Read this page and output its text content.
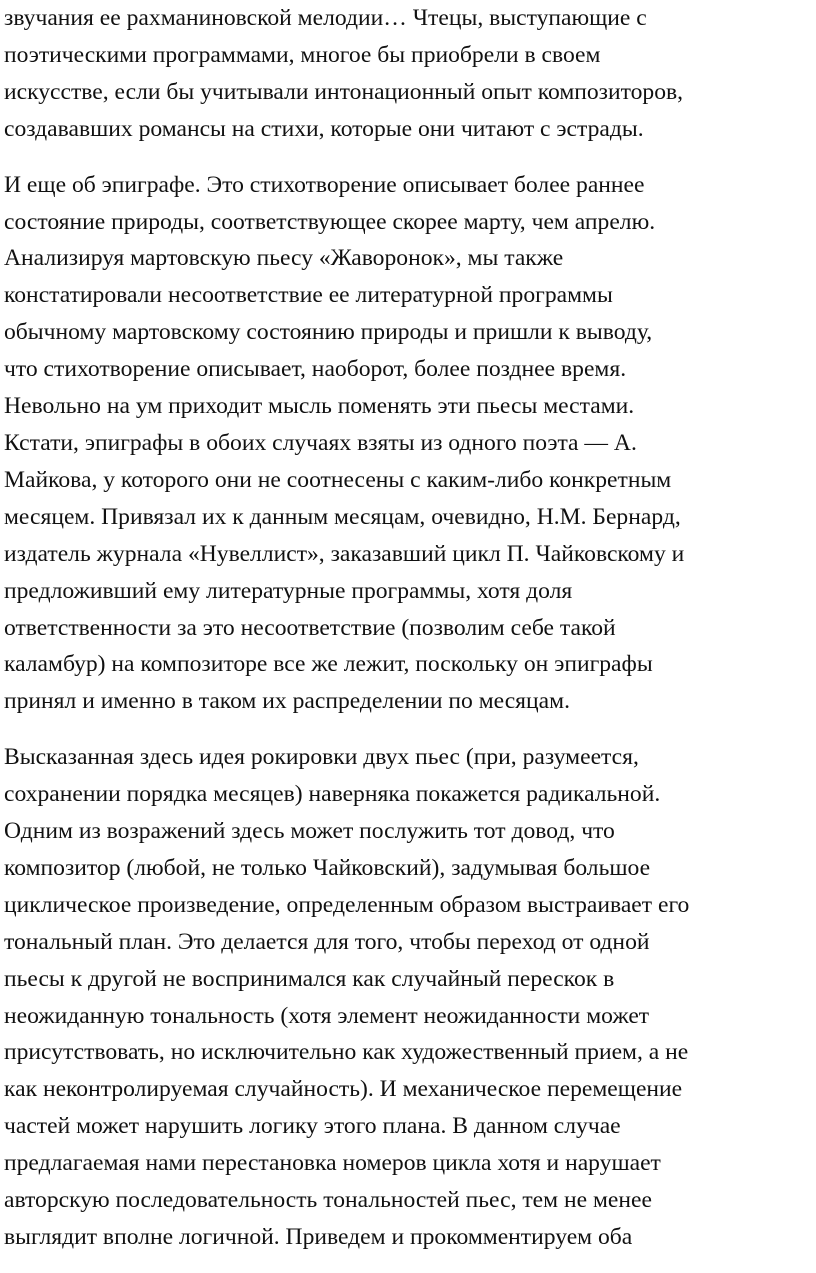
звучания ее рахманиновской мелодии… Чтецы, выступающие с
поэтическими программами, многое бы приобрели в своем
искусстве, если бы учитывали интонационный опыт композиторов,
создававших романсы на стихи, которые они читают с эстрады.

И еще об эпиграфе. Это стихотворение описывает более раннее
состояние природы, соответствующее скорее марту, чем апрелю.
Анализируя мартовскую пьесу «Жаворонок», мы также
констатировали несоответствие ее литературной программы
обычному мартовскому состоянию природы и пришли к выводу,
что стихотворение описывает, наоборот, более позднее время.
Невольно на ум приходит мысль поменять эти пьесы местами.
Кстати, эпиграфы в обоих случаях взяты из одного поэта — А.
Майкова, у которого они не соотнесены с каким-либо конкретным
месяцем. Привязал их к данным месяцам, очевидно, Н.М. Бернард,
издатель журнала «Нувеллист», заказавший цикл П. Чайковскому и
предложивший ему литературные программы, хотя доля
ответственности за это несоответствие (позволим себе такой
каламбур) на композиторе все же лежит, поскольку он эпиграфы
принял и именно в таком их распределении по месяцам.

Высказанная здесь идея рокировки двух пьес (при, разумеется,
сохранении порядка месяцев) наверняка покажется радикальной.
Одним из возражений здесь может послужить тот довод, что
композитор (любой, не только Чайковский), задумывая большое
циклическое произведение, определенным образом выстраивает его
тональный план. Это делается для того, чтобы переход от одной
пьесы к другой не воспринимался как случайный перескок в
неожиданную тональность (хотя элемент неожиданности может
присутствовать, но исключительно как художественный прием, а не
как неконтролируемая случайность). И механическое перемещение
частей может нарушить логику этого плана. В данном случае
предлагаемая нами перестановка номеров цикла хотя и нарушает
авторскую последовательность тональностей пьес, тем не менее
выглядит вполне логичной. Приведем и прокомментируем оба
